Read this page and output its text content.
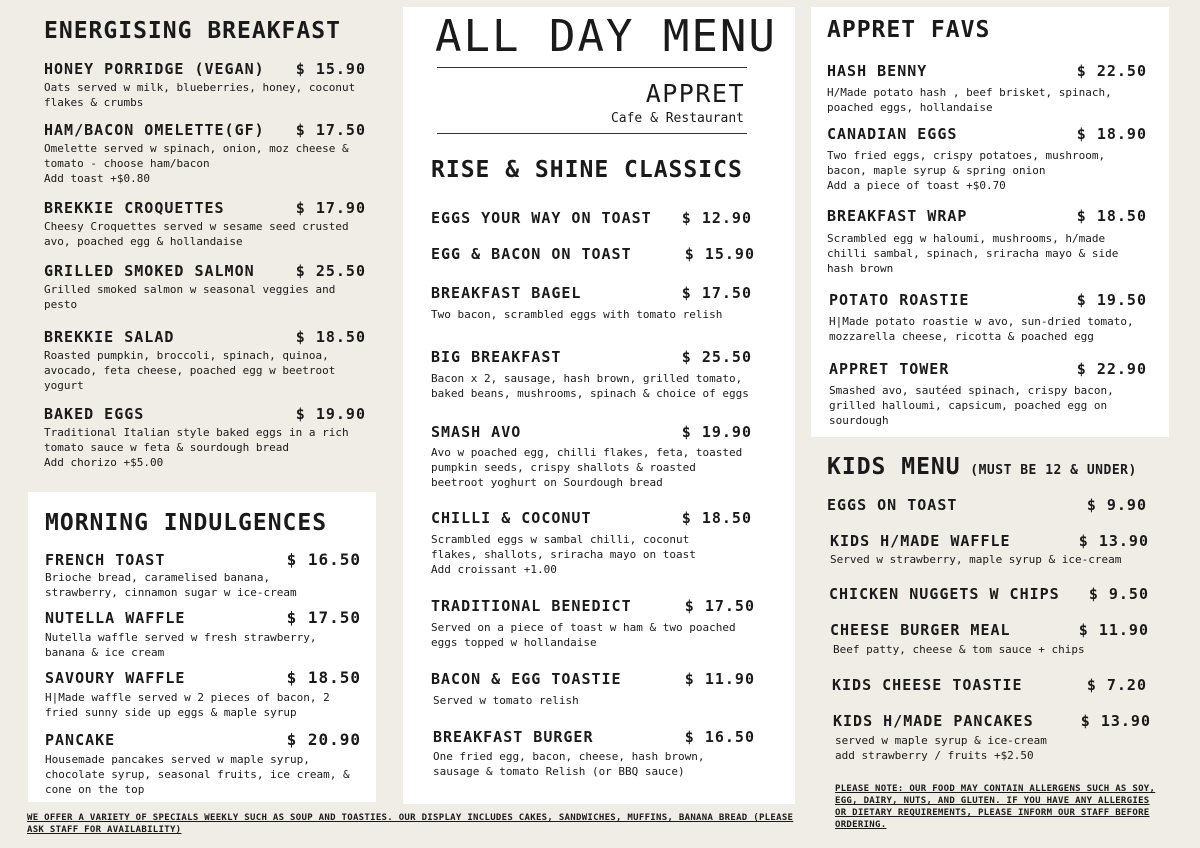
ENERGISING BREAKFAST
HONEY PORRIDGE (VEGAN) $ 15.90
Oats served w milk, blueberries, honey, coconut
flakes & crumbs
HAM/BACON OMELETTE(GF) $ 17.50
Omelette served w spinach, onion, moz cheese &
tomato - choose ham/bacon
Add toast +$0.80
BREKKIE CROQUETTES	$ 17.90
Cheesy Croquettes served w sesame seed crusted
avo, poached egg & hollandaise
GRILLED SMOKED SALMON	$ 25.50
Grilled smoked salmon w seasonal veggies and
pesto
BREKKIE SALAD	$ 18.50
Roasted pumpkin, broccoli, spinach, quinoa,
avocado, feta cheese, poached egg w beetroot
yogurt
BAKED EGGS	$ 19.90
Traditional Italian style baked eggs in a rich
tomato sauce w feta & sourdough bread
Add chorizo +$5.00
MORNING INDULGENCES
FRENCH TOAST	$ 16.50
Brioche bread, caramelised banana,
strawberry, cinnamon sugar w ice-cream
NUTELLA WAFFLE	$ 17.50
Nutella waffle served w fresh strawberry,
banana & ice cream
SAVOURY WAFFLE	$ 18.50
H|Made waffle served w 2 pieces of bacon, 2
fried sunny side up eggs & maple syrup
PANCAKE	$ 20.90
Housemade pancakes served w maple syrup,
chocolate syrup, seasonal fruits, ice cream, &
cone on the top
WE OFFER A VARIETY OF SPECIALS WEEKLY SUCH AS SOUP AND TOASTIES. OUR DISPLAY INCLUDES CAKES, SANDWICHES, MUFFINS, BANANA BREAD (PLEASE
ASK STAFF FOR AVAILABILITY)
ALL DAY MENU
APPRET
Cafe & Restaurant
RISE & SHINE CLASSICS
EGGS YOUR WAY ON TOAST $ 12.90
EGG & BACON ON TOAST	$ 15.90
BREAKFAST BAGEL	$ 17.50
Two bacon, scrambled eggs with tomato relish
BIG BREAKFAST	$ 25.50
Bacon x 2, sausage, hash brown, grilled tomato,
baked beans, mushrooms, spinach & choice of eggs
SMASH AVO	$ 19.90
Avo w poached egg, chilli flakes, feta, toasted
pumpkin seeds, crispy shallots & roasted
beetroot yoghurt on Sourdough bread
CHILLI & COCONUT	$ 18.50
Scrambled eggs w sambal chilli, coconut
flakes, shallots, sriracha mayo on toast
Add croissant +1.00
TRADITIONAL BENEDICT	$ 17.50
Served on a piece of toast w ham & two poached
eggs topped w hollandaise
BACON & EGG TOASTIE	$ 11.90
Served w tomato relish
BREAKFAST BURGER	$ 16.50
One fried egg, bacon, cheese, hash brown,
sausage & tomato Relish (or BBQ sauce)
APPRET FAVS
HASH BENNY	$ 22.50
H/Made potato hash , beef brisket, spinach,
poached eggs, hollandaise
CANADIAN EGGS	$ 18.90
Two fried eggs, crispy potatoes, mushroom,
bacon, maple syrup & spring onion
Add a piece of toast +$0.70
BREAKFAST WRAP	$ 18.50
Scrambled egg w haloumi, mushrooms, h/made
chilli sambal, spinach, sriracha mayo & side
hash brown
POTATO ROASTIE	$ 19.50
H|Made potato roastie w avo, sun-dried tomato,
mozzarella cheese, ricotta & poached egg
APPRET TOWER	$ 22.90
Smashed avo, sautéed spinach, crispy bacon,
grilled halloumi, capsicum, poached egg on
sourdough
KIDS MENU (MUST BE 12 & UNDER)
EGGS ON TOAST	$ 9.90
KIDS H/MADE WAFFLE	$ 13.90
Served w strawberry, maple syrup & ice-cream
CHICKEN NUGGETS W CHIPS $ 9.50
CHEESE BURGER MEAL	$ 11.90
Beef patty, cheese & tom sauce + chips
KIDS CHEESE TOASTIE	$ 7.20
KIDS H/MADE PANCAKES	$ 13.90
served w maple syrup & ice-cream
add strawberry / fruits +$2.50
PLEASE NOTE: OUR FOOD MAY CONTAIN ALLERGENS SUCH AS SOY,
EGG, DAIRY, NUTS, AND GLUTEN. IF YOU HAVE ANY ALLERGIES
OR DIETARY REQUIREMENTS, PLEASE INFORM OUR STAFF BEFORE
ORDERING.
